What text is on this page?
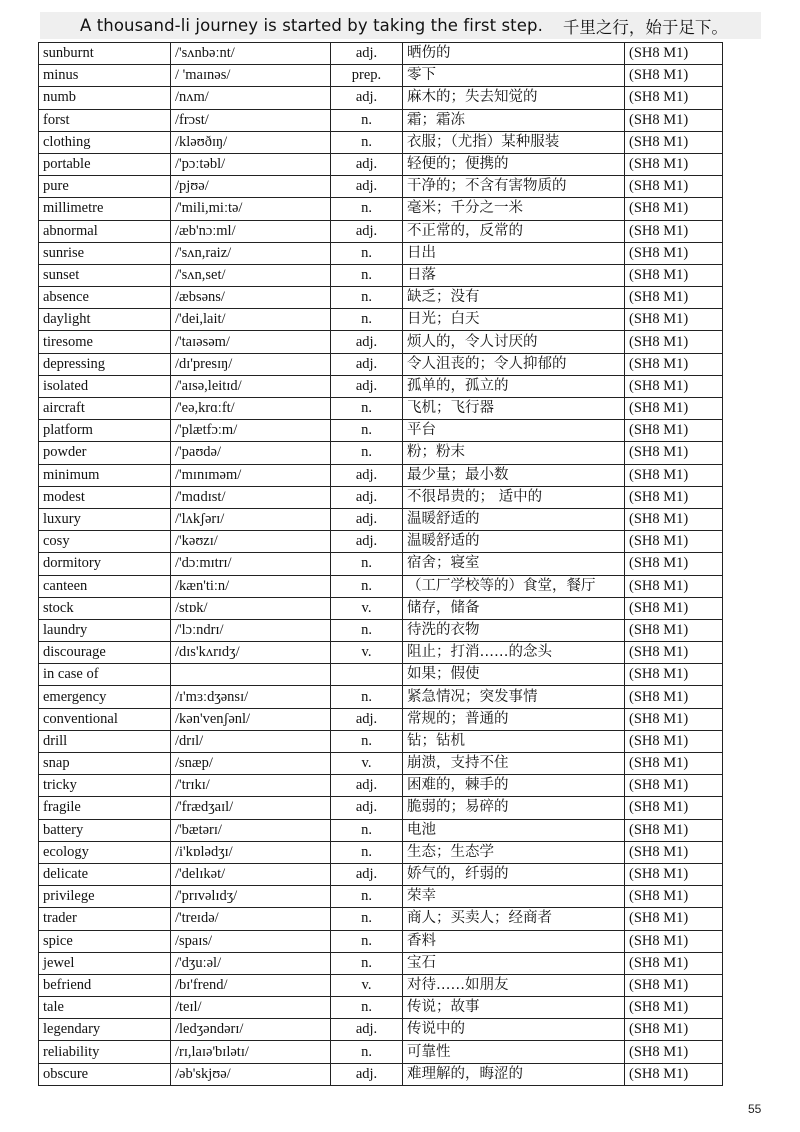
A thousand-li journey is started by taking the first step. 千里之行，始于足下。
sunburnt	/'sʌnbəːnt/	adj.	晒伤的	(SH8 M1)
minus	/ 'maɪnəs/	prep.	零下	(SH8 M1)
numb	/nʌm/	adj.	麻木的；失去知觉的	(SH8 M1)
forst	/frɔst/	n.	霜；霜冻	(SH8 M1)
clothing	/kləʊðɪŋ/	n.	衣服；（尤指）某种服装	(SH8 M1)
portable	/'pɔːtəbl/	adj.	轻便的；便携的	(SH8 M1)
pure	/pjʊə/	adj.	干净的；不含有害物质的	(SH8 M1)
millimetre	/'mili,miːtə/	n.	毫米；千分之一米	(SH8 M1)
abnormal	/æb'nɔːml/	adj.	不正常的，反常的	(SH8 M1)
sunrise	/'sʌn,raiz/	n.	日出	(SH8 M1)
sunset	/'sʌn,set/	n.	日落	(SH8 M1)
absence	/æbsəns/	n.	缺乏；没有	(SH8 M1)
daylight	/'dei,lait/	n.	日光；白天	(SH8 M1)
tiresome	/'taɪəsəm/	adj.	烦人的，令人讨厌的	(SH8 M1)
depressing	/dɪ'presɪŋ/	adj.	令人沮丧的；令人抑郁的	(SH8 M1)
isolated	/'aɪsə,leitɪd/	adj.	孤单的，孤立的	(SH8 M1)
aircraft	/'eə,krɑːft/	n.	飞机；飞行器	(SH8 M1)
platform	/'plætfɔːm/	n.	平台	(SH8 M1)
powder	/'paʊdə/	n.	粉；粉末	(SH8 M1)
minimum	/'mɪnɪməm/	adj.	最少量；最小数	(SH8 M1)
modest	/'mɑdɪst/	adj.	不很昂贵的； 适中的	(SH8 M1)
luxury	/'lʌkʃərɪ/	adj.	温暖舒适的	(SH8 M1)
cosy	/'kəʊzɪ/	adj.	温暖舒适的	(SH8 M1)
dormitory	/'dɔːmɪtrɪ/	n.	宿舍；寝室	(SH8 M1)
canteen	/kæn'tiːn/	n.	（工厂学校等的）食堂，餐厅	(SH8 M1)
stock	/stɒk/	v.	储存，储备	(SH8 M1)
laundry	/'lɔːndrɪ/	n.	待洗的衣物	(SH8 M1)
discourage	/dɪs'kʌrɪdʒ/	v.	阻止；打消……的念头	(SH8 M1)
in case of			如果；假使	(SH8 M1)
emergency	/ɪ'mɜːdʒənsɪ/	n.	紧急情况；突发事情	(SH8 M1)
conventional	/kən'venʃənl/	adj.	常规的；普通的	(SH8 M1)
drill	/drɪl/	n.	钻；钻机	(SH8 M1)
snap	/snæp/	v.	崩溃，支持不住	(SH8 M1)
tricky	/'trɪkɪ/	adj.	困难的，棘手的	(SH8 M1)
fragile	/'frædʒaɪl/	adj.	脆弱的；易碎的	(SH8 M1)
battery	/'bætərɪ/	n.	电池	(SH8 M1)
ecology	/i'kɒlədʒɪ/	n.	生态；生态学	(SH8 M1)
delicate	/'delɪkət/	adj.	娇气的，纤弱的	(SH8 M1)
privilege	/'prɪvəlɪdʒ/	n.	荣幸	(SH8 M1)
trader	/'treɪdə/	n.	商人；买卖人；经商者	(SH8 M1)
spice	/spaɪs/	n.	香料	(SH8 M1)
jewel	/'dʒuːəl/	n.	宝石	(SH8 M1)
befriend	/bɪ'frend/	v.	对待……如朋友	(SH8 M1)
tale	/teɪl/	n.	传说；故事	(SH8 M1)
legendary	/ledʒəndərɪ/	adj.	传说中的	(SH8 M1)
reliability	/rɪ,laɪə'bɪlətɪ/	n.	可靠性	(SH8 M1)
obscure	/əb'skjʊə/	adj.	难理解的，晦涩的	(SH8 M1)
55
